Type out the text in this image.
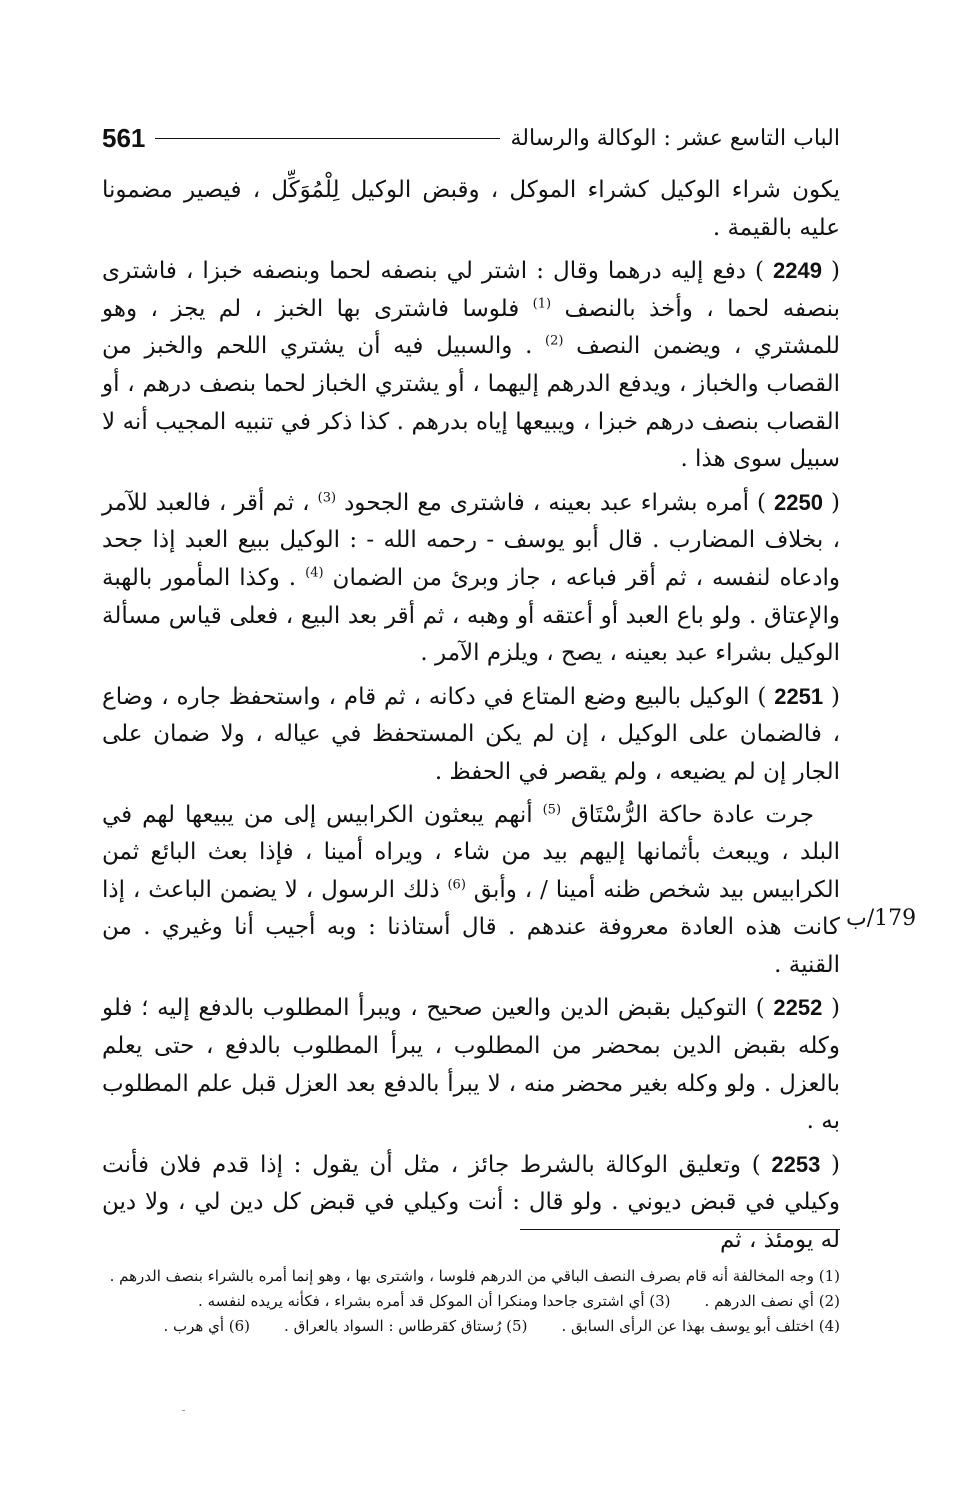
561	الباب التاسع عشر : الوكالة والرسالة
179/ب

يكون شراء الوكيل كشراء الموكل ، وقبض الوكيل لِلْمُوَكِّل ، فيصير مضمونا عليه بالقيمة .

( 2249 ) دفع إليه درهما وقال : اشتر لي بنصفه لحما وبنصفه خبزا ، فاشترى بنصفه لحما ، وأخذ بالنصف $^{(1)}$ فلوسا فاشترى بها الخبز ، لم يجز ، وهو للمشتري ، ويضمن النصف $^{(2)}$ . والسبيل فيه أن يشتري اللحم والخبز من القصاب والخباز ، ويدفع الدرهم إليهما ، أو يشتري الخباز لحما بنصف درهم ، أو القصاب بنصف درهم خبزا ، ويبيعها إياه بدرهم . كذا ذكر في تنبيه المجيب أنه لا سبيل سوى هذا .

( 2250 ) أمره بشراء عبد بعينه ، فاشترى مع الجحود $^{(3)}$ ، ثم أقر ، فالعبد للآمر ، بخلاف المضارب . قال أبو يوسف - رحمه الله - : الوكيل ببيع العبد إذا جحد وادعاه لنفسه ، ثم أقر فباعه ، جاز وبرئ من الضمان $^{(4)}$ . وكذا المأمور بالهبة والإعتاق . ولو باع العبد أو أعتقه أو وهبه ، ثم أقر بعد البيع ، فعلى قياس مسألة الوكيل بشراء عبد بعينه ، يصح ، ويلزم الآمر .

( 2251 ) الوكيل بالبيع وضع المتاع في دكانه ، ثم قام ، واستحفظ جاره ، وضاع ، فالضمان على الوكيل ، إن لم يكن المستحفظ في عياله ، ولا ضمان على الجار إن لم يضيعه ، ولم يقصر في الحفظ .

جرت عادة حاكة الرُّسْتَاق $^{(5)}$ أنهم يبعثون الكرابيس إلى من يبيعها لهم في البلد ، ويبعث بأثمانها إليهم بيد من شاء ، ويراه أمينا ، فإذا بعث البائع ثمن الكرابيس بيد شخص ظنه أمينا / ، وأبق $^{(6)}$ ذلك الرسول ، لا يضمن الباعث ، إذا كانت هذه العادة معروفة عندهم . قال أستاذنا : وبه أجيب أنا وغيري . من القنية .

( 2252 ) التوكيل بقبض الدين والعين صحيح ، ويبرأ المطلوب بالدفع إليه ؛ فلو وكله بقبض الدين بمحضر من المطلوب ، يبرأ المطلوب بالدفع ، حتى يعلم بالعزل . ولو وكله بغير محضر منه ، لا يبرأ بالدفع بعد العزل قبل علم المطلوب به .

( 2253 ) وتعليق الوكالة بالشرط جائز ، مثل أن يقول : إذا قدم فلان فأنت وكيلي في قبض ديوني . ولو قال : أنت وكيلي في قبض كل دين لي ، ولا دين له يومئذ ، ثم

(1) وجه المخالفة أنه قام بصرف النصف الباقي من الدرهم فلوسا ، واشترى بها ، وهو إنما أمره بالشراء بنصف الدرهم .
(2) أي نصف الدرهم .(3) أي اشترى جاحدا ومنكرا أن الموكل قد أمره بشراء ، فكأنه يريده لنفسه .
(4) اختلف أبو يوسف بهذا عن الرأى السابق .(5) رُستاق كقرطاس : السواد بالعراق .(6) أي هرب .
